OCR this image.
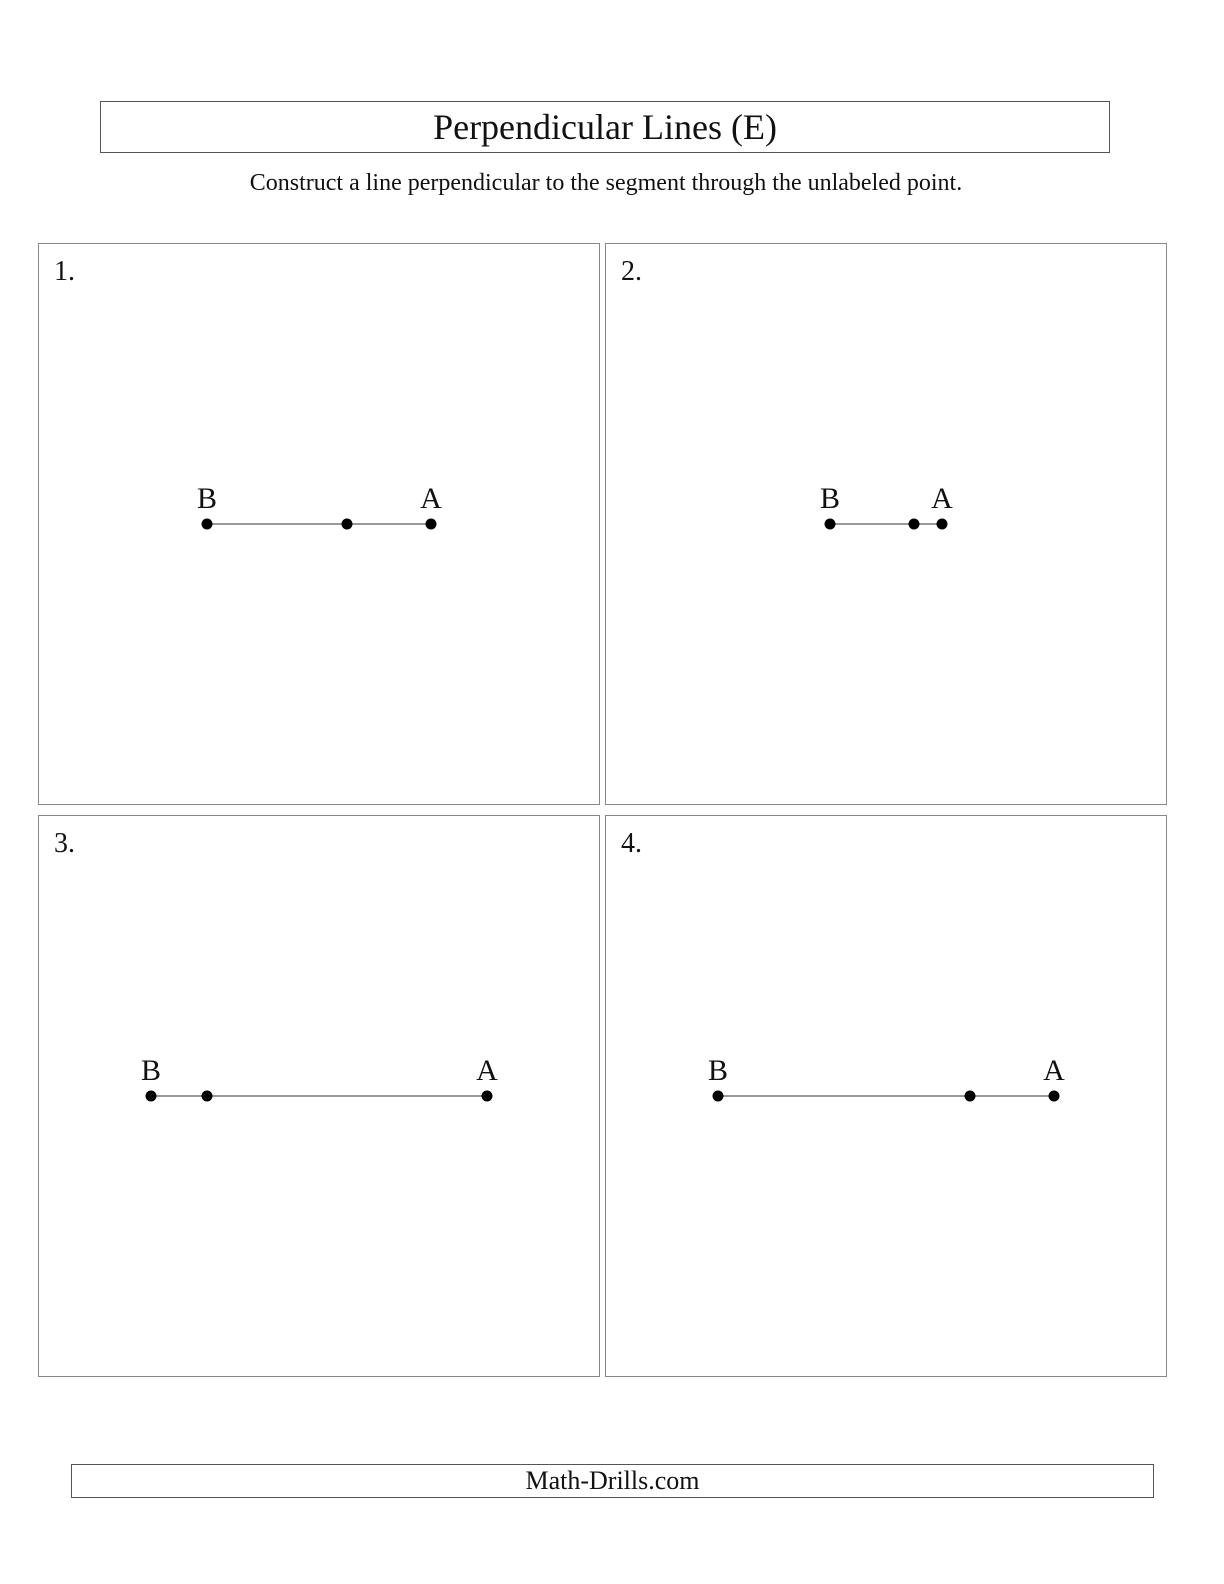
Perpendicular Lines (E)
Construct a line perpendicular to the segment through the unlabeled point.
1.
B	A
2.
B	A
3.
B	A
4.
B	A
Math-Drills.com
